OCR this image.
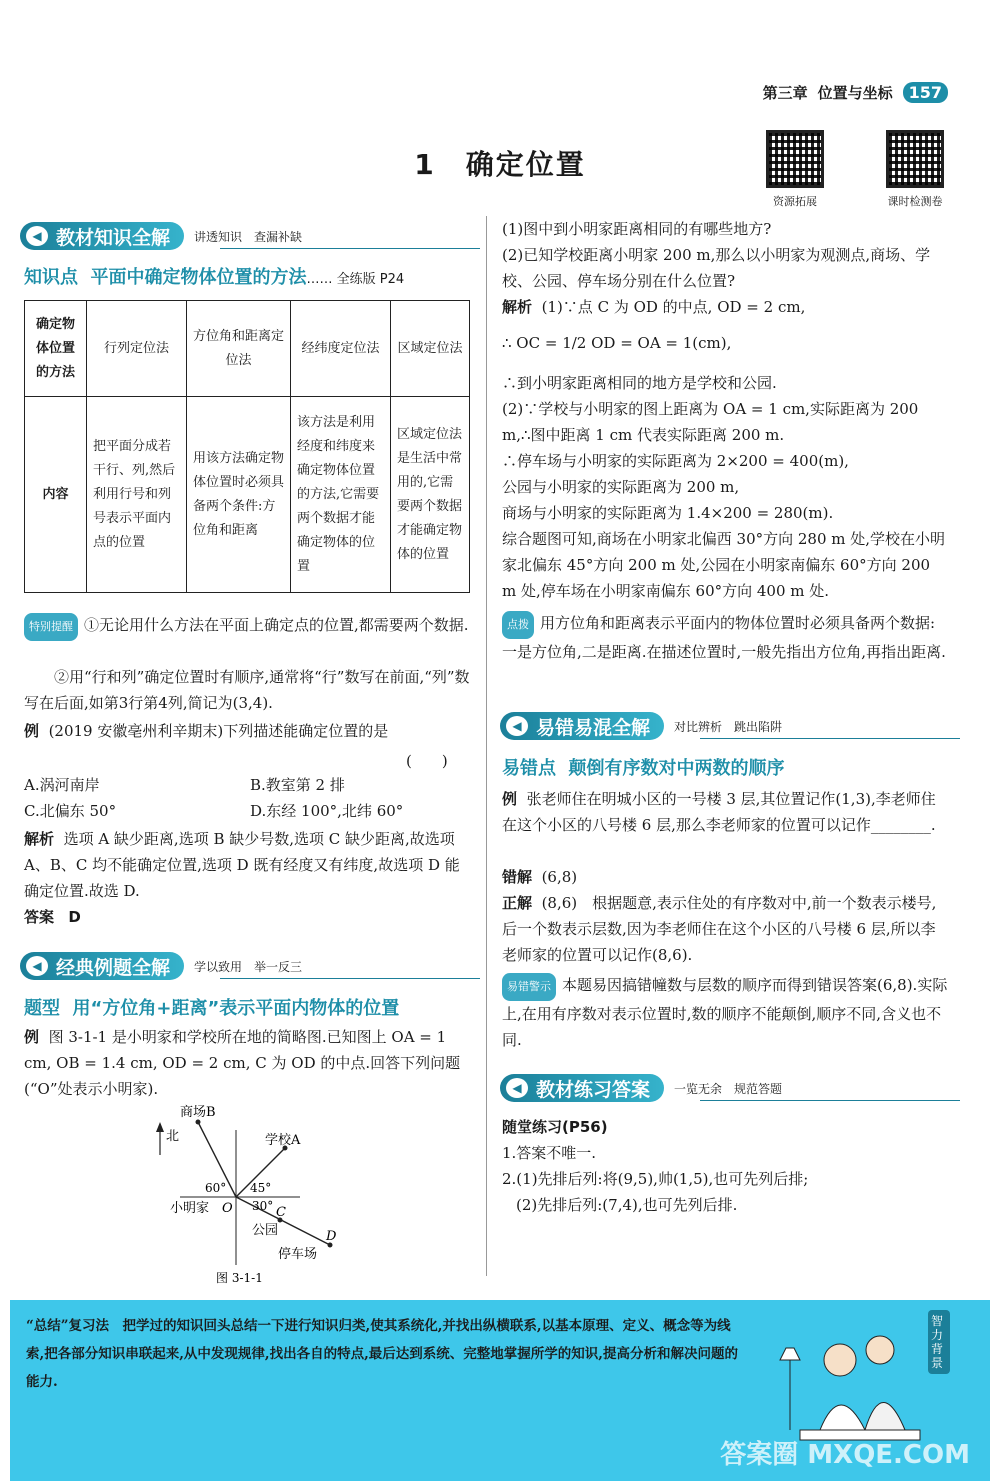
第三章 位置与坐标	157
1　确定位置
资源拓展	课时检测卷
◀ 教材知识全解 讲透知识　查漏补缺
知识点 平面中确定物体位置的方法…… 全练版 P24
确定物体位置的方法	行列定位法	方位角和距离定位法	经纬度定位法	区域定位法
内容	把平面分成若干行、列,然后利用行号和列号表示平面内点的位置	用该方法确定物体位置时必须具备两个条件:方位角和距离	该方法是利用经度和纬度来确定物体位置的方法,它需要两个数据才能确定物体的位置	区域定位法是生活中常用的,它需要两个数据才能确定物体的位置
特别提醒 ①无论用什么方法在平面上确定点的位置,都需要两个数据.
②用“行和列”确定位置时有顺序,通常将“行”数写在前面,“列”数写在后面,如第3行第4列,简记为(3,4).
例 (2019 安徽亳州利辛期末)下列描述能确定位置的是
(　　)
A.涡河南岸	B.教室第 2 排
C.北偏东 50°	D.东经 100°,北纬 60°
解析 选项 A 缺少距离,选项 B 缺少号数,选项 C 缺少距离,故选项 A、B、C 均不能确定位置,选项 D 既有经度又有纬度,故选项 D 能确定位置.故选 D.
答案 D
◀ 经典例题全解 学以致用　举一反三
题型 用“方位角+距离”表示平面内物体的位置
例 图 3-1-1 是小明家和学校所在地的简略图.已知图上 OA = 1 cm, OB = 1.4 cm, OD = 2 cm, C 为 OD 的中点.回答下列问题(“O”处表示小明家).
北
商场B
学校A
60° 45°
30°
小明家 O	C
公园	D
停车场
图 3-1-1
(1)图中到小明家距离相同的有哪些地方?
(2)已知学校距离小明家 200 m,那么以小明家为观测点,商场、学校、公园、停车场分别在什么位置?
解析 (1)∵点 C 为 OD 的中点, OD = 2 cm,
∴ OC = 1/2 OD = OA = 1(cm),
∴到小明家距离相同的地方是学校和公园.
(2)∵学校与小明家的图上距离为 OA = 1 cm,实际距离为 200 m,∴图中距离 1 cm 代表实际距离 200 m.
∴停车场与小明家的实际距离为 2×200 = 400(m),
公园与小明家的实际距离为 200 m,
商场与小明家的实际距离为 1.4×200 = 280(m).
综合题图可知,商场在小明家北偏西 30°方向 280 m 处,学校在小明家北偏东 45°方向 200 m 处,公园在小明家南偏东 60°方向 200 m 处,停车场在小明家南偏东 60°方向 400 m 处.
点拨 用方位角和距离表示平面内的物体位置时必须具备两个数据:一是方位角,二是距离.在描述位置时,一般先指出方位角,再指出距离.
◀ 易错易混全解 对比辨析　跳出陷阱
易错点 颠倒有序数对中两数的顺序
例 张老师住在明城小区的一号楼 3 层,其位置记作(1,3),李老师住在这个小区的八号楼 6 层,那么李老师家的位置可以记作________.
错解 (6,8)
正解 (8,6)　根据题意,表示住处的有序数对中,前一个数表示楼号,后一个数表示层数,因为李老师住在这个小区的八号楼 6 层,所以李老师家的位置可以记作(8,6).
易错警示 本题易因搞错幢数与层数的顺序而得到错误答案(6,8).实际上,在用有序数对表示位置时,数的顺序不能颠倒,顺序不同,含义也不同.
◀ 教材练习答案 一览无余　规范答题
随堂练习(P56)
1.答案不唯一.
2.(1)先排后列:将(9,5),帅(1,5),也可先列后排;
(2)先排后列:(7,4),也可先列后排.
“总结”复习法　把学过的知识回头总结一下进行知识归类,使其系统化,并找出纵横联系,以基本原理、定义、概念等为线索,把各部分知识串联起来,从中发现规律,找出各自的特点,最后达到系统、完整地掌握所学的知识,提高分析和解决问题的能力.
智力背景
答案圈 MXQE.COM
